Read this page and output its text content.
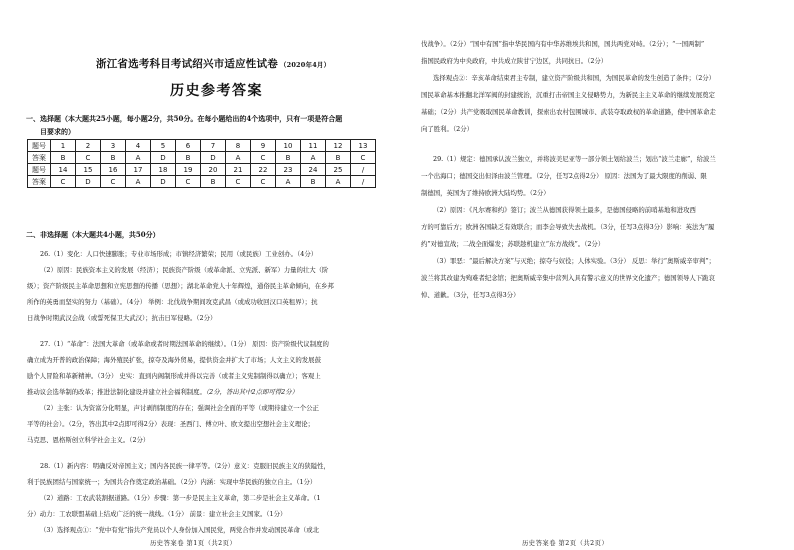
浙江省选考科目考试绍兴市适应性试卷 （2020年4月）
历史参考答案
一、选择题（本大题共25小题，每小题2分，共50分。在每小题给出的4个选项中，只有一项是符合题
目要求的）
题号	1	2	3	4	5	6	7	8	9	10	11	12	13
答案	B	C	B	A	D	B	D	A	C	B	A	B	C
题号	14	15	16	17	18	19	20	21	22	23	24	25	/
答案	C	D	C	A	D	C	B	C	C	A	B	A	/
二、非选择题（本大题共4小题，共50分）
26.（1）变化：人口快速膨胀；专业市场形成；市镇经济繁荣；民用（或民族）工业创办。（4分）
（2）原因：民族资本主义的发展（经济）；民族资产阶级（或革命派、立宪派、新军）力量的壮大（阶
级）；资产阶级民主革命思想和立宪思想的传播（思想）；湖北革命党人十年辉煌，通俗民主革命倾向，在乡邦
所作的英勇而坚实的努力（基础）。（4分） 举例：北伐战争期间攻克武昌（或成功收回汉口英租界）；抗
日战争时期武汉会战（或誓死保卫大武汉）；抗击日军侵略。（2分）
27.（1）“革命”：法国大革命（或革命或者时期法国革命的继续）。（1分） 原因：资产阶级代议制度的
确立成为开普的政治保障；海外殖民扩张，掠夺及海外贸易，提供资金并扩大了市场；人文主义的发展鼓
励个人冒险和革新精神。（3分） 史实：直到内阁制形成并得以完善（或者主义宪制制得以确立）；客观上
推动议会选举制的改革；推进法制化建设并建立社会福利制度。（2分，答出其中2点即可得2分）
（2）主张：认为资富分化明显，声讨剥削制度的存在；强调社会全面的平等（或期待建立一个公正
平等的社会）。（2分，答出其中2点即可得2分）表现：圣西门、傅立叶、欧文提出空想社会主义理论；
马克思、恩格斯创立科学社会主义。（2分）
28.（1）新内容：明确反对帝国主义；国内各民族一律平等。（2分）意义：克服旧民族主义的狭隘性，
利于民族团结与国家统一；为国共合作奠定政治基础。（2分）内涵：实现中华民族的独立自主。（1分）
（2）道路：工农武装割据道路。（1分）步骤：第一步是民主主义革命，第二步是社会主义革命。（1
分）动力：工农联盟基础上结成广泛的统一战线。（1分） 前景：建立社会主义国家。（1分）
（3）选择观点①：“党中有党”指共产党员以个人身份加入国民党，两党合作并发动国民革命（或北
历史答案卷 第1页（共2页）
伐战争）。（2分）“国中有国”指中华民国内有中华苏维埃共和国，国共两党对峙。（2分）；“一国两制”
指国民政府为中央政府，中共成立陕甘宁边区，共同抗日。（2分）
选择观点②：辛亥革命结束君主专制，建立资产阶级共和国，为国民革命的发生创造了条件；（2分）
国民革命基本推翻北洋军阀的封建统治，沉重打击帝国主义侵略势力，为新民主主义革命的继续发展奠定
基础；（2分）共产党吸取国民革命教训，探索出农村包围城市、武装夺取政权的革命道路，使中国革命走
向了胜利。（2分）
29.（1）规定：德国承认波兰独立，并将波美尼亚等一部分领土划给波兰；划出“波兰走廊”，给波兰
一个出海口；德国交出但泽由波兰管理。（2分，任写2点得2分） 原因：法国为了最大限度的削弱、限
制德国，英国为了维持欧洲大陆均势。（2分）
（2）原因：《凡尔赛和约》签订；波兰从德国获得领土最多，是德国侵略的前哨基地和进攻西
方的可靠后方；欧洲各国缺乏有效联合；而李会导致失去战机。（3分，任写3点得3分）影响：英法为“履
约”对德宣战；二战全面爆发；苏联趁机建立“东方战线”。（2分）
（3）罪恶：“最后解决方案”与灭绝；掠夺与奴役；人体实验。（3分） 反思：举行“奥斯威辛审判”；
波兰将其改建为殉难者纪念馆；把奥斯威辛集中营列入具有警示意义的世界文化遗产；德国领导人下跪哀
悼、道歉。（3分，任写3点得3分）
历史答案卷 第2页（共2页）
